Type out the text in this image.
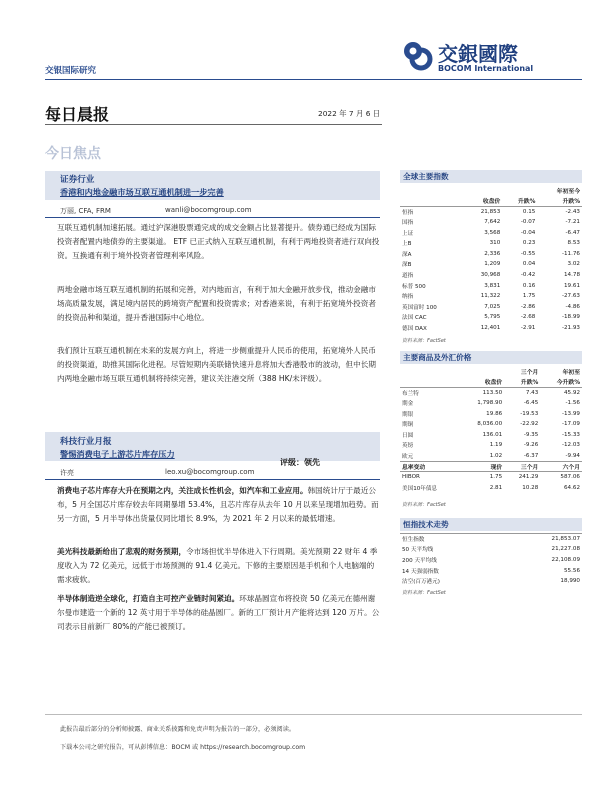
交銀國際
BOCOM International
交银国际研究
每日晨报	2022 年 7 月 6 日
今日焦点
证券行业
香港和内地金融市场互联互通机制进一步完善
万丽, CFA, FRM	wanli@bocomgroup.com
互联互通机制加速拓展。通过沪深港股票通完成的成交金额占比显著提升。债券通已经成为国际投资者配置内地债券的主要渠道。 ETF 已正式纳入互联互通机制，有利于两地投资者进行双向投资。互换通有利于境外投资者管理利率风险。
两地金融市场互联互通机制的拓展和完善，对内地而言，有利于加大金融开放步伐，推动金融市场高质量发展，满足境内居民的跨境资产配置和投资需求；对香港来说，有利于拓宽境外投资者的投资品种和渠道，提升香港国际中心地位。
我们预计互联互通机制在未来的发展方向上，将进一步侧重提升人民币的使用，拓宽境外人民币的投资渠道，助推其国际化进程。尽管短期内美联储快速升息将加大香港股市的波动，但中长期内两地金融市场互联互通机制将持续完善，建议关注港交所（388 HK/未评级）。
科技行业月报
警惕消费电子上游芯片库存压力
评级：领先
许亮	leo.xu@bocomgroup.com
消费电子芯片库存大升在预期之内，关注成长性机会，如汽车和工业应用。韩国统计厅于最近公布，5 月全国芯片库存较去年同期暴增 53.4%，且芯片库存从去年 10 月以来呈现增加趋势。而另一方面，5 月半导体出货量仅同比增长 8.9%，为 2021 年 2 月以来的最低增速。
美光科技最新给出了悲观的财务预期，令市场担忧半导体进入下行周期。美光预期 22 财年 4 季度收入为 72 亿美元，远低于市场预测的 91.4 亿美元。下修的主要原因是手机和个人电脑端的需求疲软。
半导体制造逆全球化，打造自主可控产业链时间紧迫。环球晶圆宣布将投资 50 亿美元在德州谢尔曼市建造一个新的 12 英寸用于半导体的硅晶圆厂。新的工厂预计月产能将达到 120 万片。公司表示目前新厂 80%的产能已被预订。
全球主要指数
			年初至今
	收盘价	升跌%	升跌%
恒指	21,853	0.15	-2.43
国指	7,642	-0.07	-7.21
上证	3,568	-0.04	-6.47
上B	310	0.23	8.53
深A	2,336	-0.55	-11.76
深B	1,209	0.04	3.02
道指	30,968	-0.42	14.78
标普 500	3,831	0.16	19.61
纳指	11,322	1.75	-27.63
英国富时 100	7,025	-2.86	-4.86
法国 CAC	5,795	-2.68	-18.99
德国 DAX	12,401	-2.91	-21.93
资料来源：FactSet
主要商品及外汇价格
		三个月	年初至
	收盘价	升跌%	今升跌%
布兰特	113.50	7.43	45.92
期金	1,798.90	-6.45	-1.56
期银	19.86	-19.53	-13.99
期铜	8,036.00	-22.92	-17.09
日圆	136.01	-9.35	-15.33
英镑	1.19	-9.26	-12.03
欧元	1.02	-6.37	-9.94
息率变动	现价	三个月	六个月
HIBOR	1.75	241.29	587.06
美国10年债息	2.81	10.28	64.62
资料来源：FactSet
恒指技术走势
恒生指数	21,853.07
50 天平均线	21,227.08
200 天平均线	22,108.09
14 天强弱指数	55.56
沽空(百万港元)	18,990
资料来源：FactSet
此报告最后部分的分析师披露、商业关系披露和免责声明为报告的一部分，必须阅读。
下载本公司之研究报告，可从彭博信息：BOCM 或 https://research.bocomgroup.com
